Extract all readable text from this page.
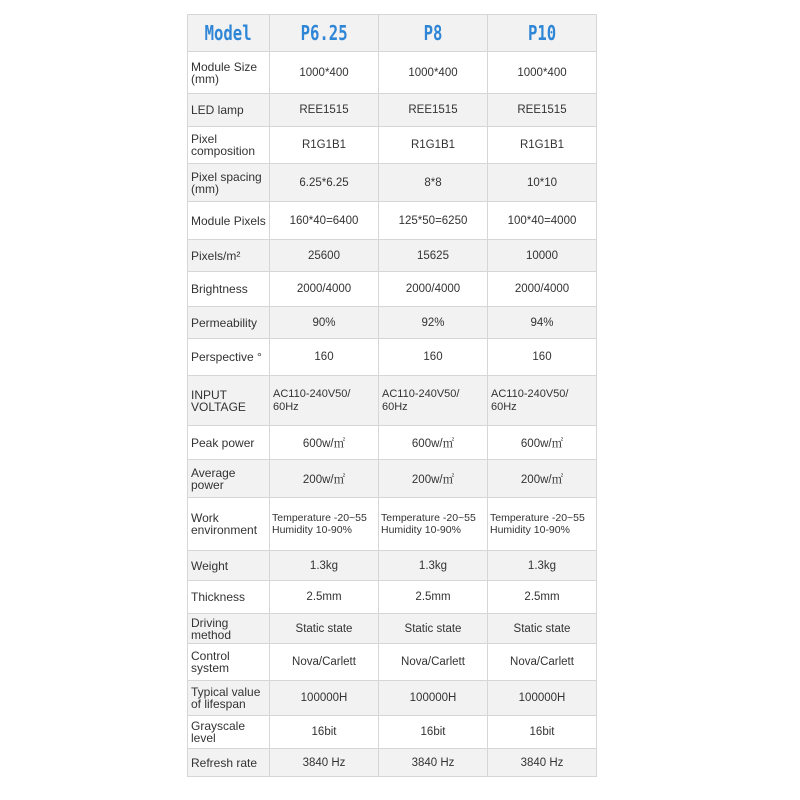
Model	P6.25	P8	P10
Module Size (mm)	1000*400	1000*400	1000*400
LED lamp	REE1515	REE1515	REE1515
Pixel composition	R1G1B1	R1G1B1	R1G1B1
Pixel spacing (mm)	6.25*6.25	8*8	10*10
Module Pixels	160*40=6400	125*50=6250	100*40=4000
Pixels/m²	25600	15625	10000
Brightness	2000/4000	2000/4000	2000/4000
Permeability	90%	92%	94%
Perspective °	160	160	160
INPUT VOLTAGE	AC110-240V50/ 60Hz	AC110-240V50/ 60Hz	AC110-240V50/ 60Hz
Peak power	600w/㎡	600w/㎡	600w/㎡
Average power	200w/㎡	200w/㎡	200w/㎡
Work environment	Temperature -20~55 Humidity 10-90%	Temperature -20~55 Humidity 10-90%	Temperature -20~55 Humidity 10-90%
Weight	1.3kg	1.3kg	1.3kg
Thickness	2.5mm	2.5mm	2.5mm
Driving method	Static state	Static state	Static state
Control system	Nova/Carlett	Nova/Carlett	Nova/Carlett
Typical value of lifespan	100000H	100000H	100000H
Grayscale level	16bit	16bit	16bit
Refresh rate	3840 Hz	3840 Hz	3840 Hz
